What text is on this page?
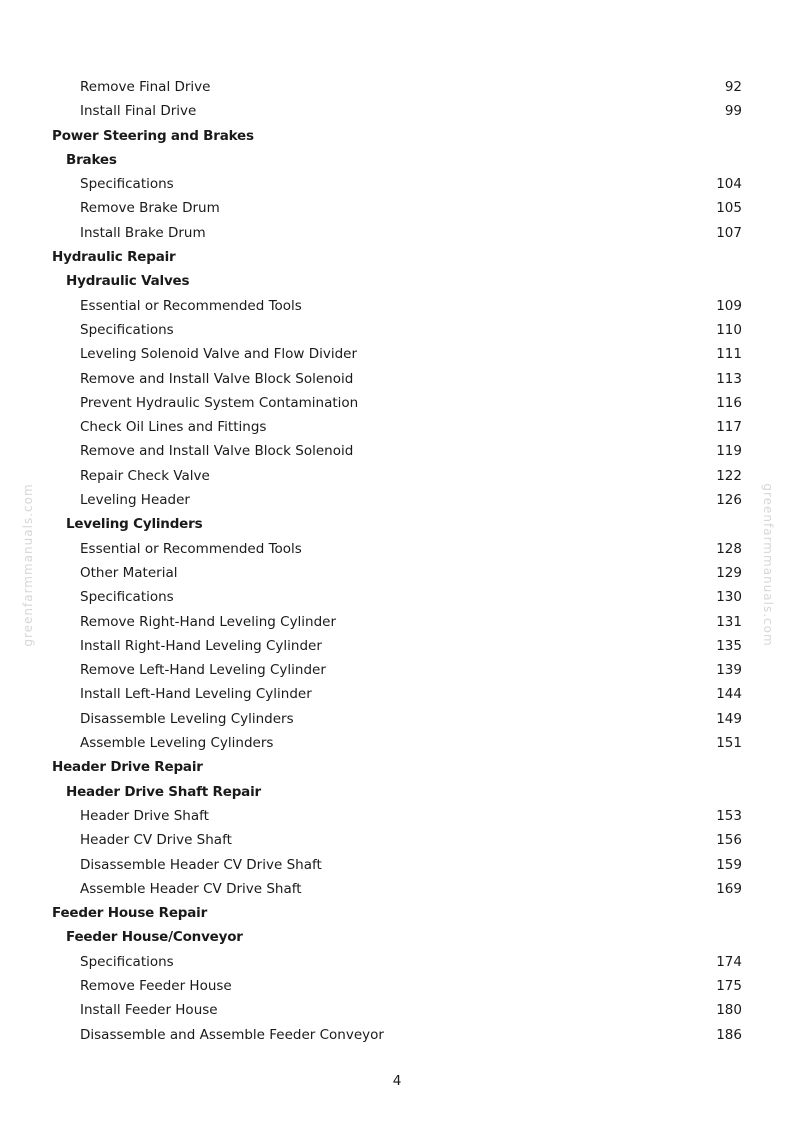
Remove Final Drive	92
Install Final Drive	99
Power Steering and Brakes
Brakes
Specifications	104
Remove Brake Drum	105
Install Brake Drum	107
Hydraulic Repair
Hydraulic Valves
Essential or Recommended Tools	109
Specifications	110
Leveling Solenoid Valve and Flow Divider	111
Remove and Install Valve Block Solenoid	113
Prevent Hydraulic System Contamination	116
Check Oil Lines and Fittings	117
Remove and Install Valve Block Solenoid	119
Repair Check Valve	122
Leveling Header	126
Leveling Cylinders
Essential or Recommended Tools	128
Other Material	129
Specifications	130
Remove Right-Hand Leveling Cylinder	131
Install Right-Hand Leveling Cylinder	135
Remove Left-Hand Leveling Cylinder	139
Install Left-Hand Leveling Cylinder	144
Disassemble Leveling Cylinders	149
Assemble Leveling Cylinders	151
Header Drive Repair
Header Drive Shaft Repair
Header Drive Shaft	153
Header CV Drive Shaft	156
Disassemble Header CV Drive Shaft	159
Assemble Header CV Drive Shaft	169
Feeder House Repair
Feeder House/Conveyor
Specifications	174
Remove Feeder House	175
Install Feeder House	180
Disassemble and Assemble Feeder Conveyor	186
greenfarmmanuals.com	greenfarmmanuals.com
4
